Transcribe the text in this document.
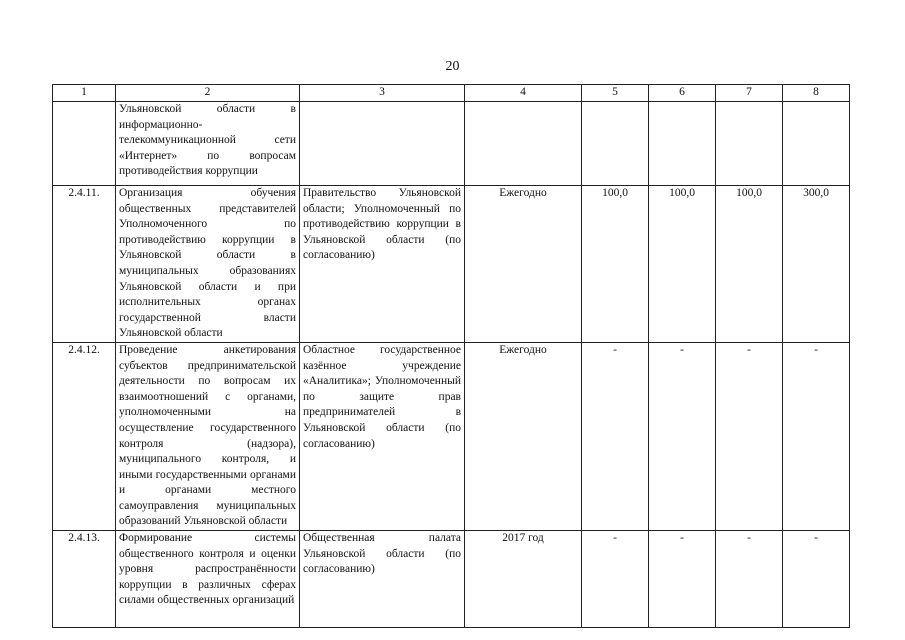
20
1	2	3	4	5	6	7	8
	Ульяновской области в информационно-телекоммуникационной сети «Интернет» по вопросам противодействия коррупции						
2.4.11.	Организация обучения общественных представителей Уполномоченного по противодействию коррупции в Ульяновской области в муниципальных образованиях Ульяновской области и при исполнительных органах государственной власти Ульяновской области	Правительство Ульяновской области; Уполномоченный по противодействию коррупции в Ульяновской области (по согласованию)	Ежегодно	100,0	100,0	100,0	300,0
2.4.12.	Проведение анкетирования субъектов предпринимательской деятельности по вопросам их взаимоотношений с органами, уполномоченными на осуществление государственного контроля (надзора), муниципального контроля, и иными государственными органами и органами местного самоуправления муниципальных образований Ульяновской области	Областное государственное казённое учреждение «Аналитика»; Уполномоченный по защите прав предпринимателей в Ульяновской области (по согласованию)	Ежегодно	-	-	-	-
2.4.13.	Формирование системы общественного контроля и оценки уровня распространённости коррупции в различных сферах силами общественных организаций	Общественная палата Ульяновской области (по согласованию)	2017 год	-	-	-	-
